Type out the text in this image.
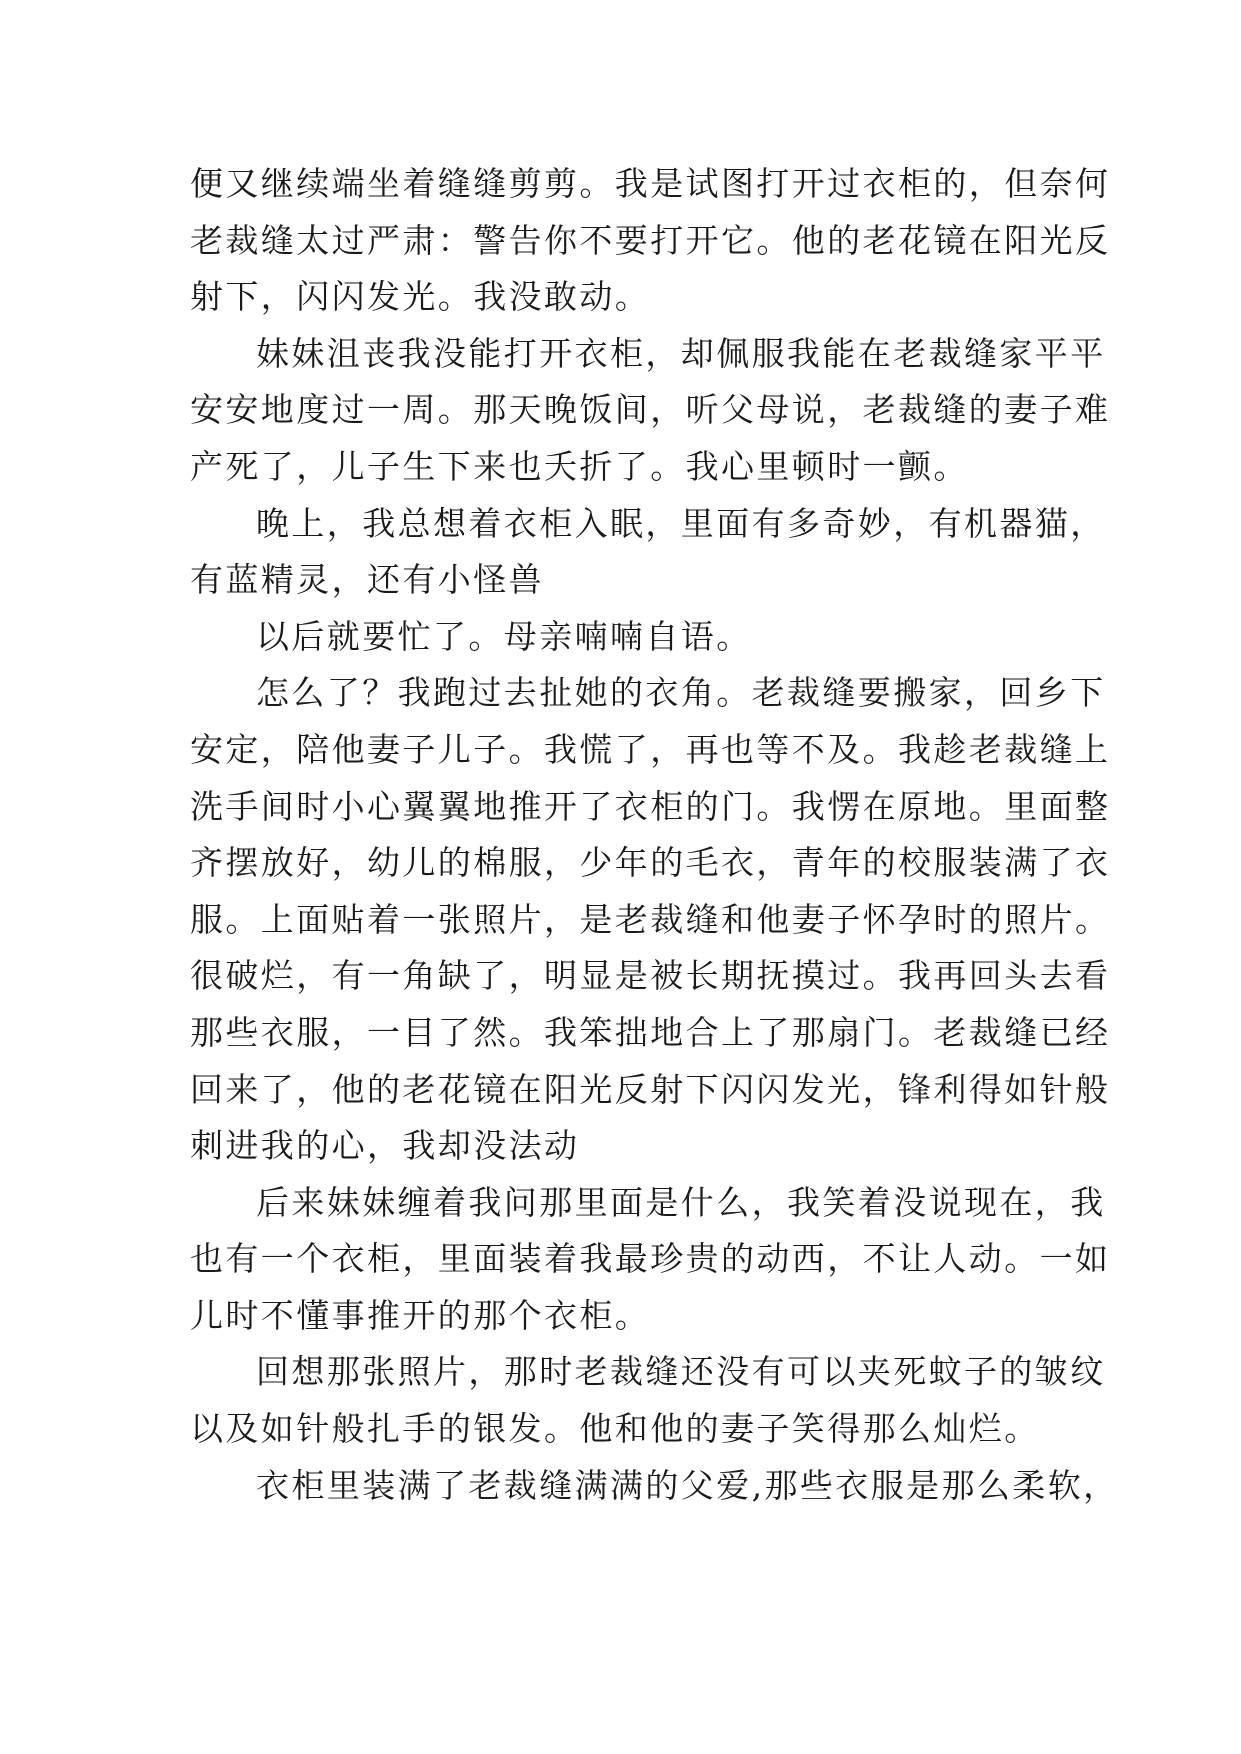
便又继续端坐着缝缝剪剪。我是试图打开过衣柜的，但奈何
老裁缝太过严肃：警告你不要打开它。他的老花镜在阳光反
射下，闪闪发光。我没敢动。
妹妹沮丧我没能打开衣柜，却佩服我能在老裁缝家平平
安安地度过一周。那天晚饭间，听父母说，老裁缝的妻子难
产死了，儿子生下来也夭折了。我心里顿时一颤。
晚上，我总想着衣柜入眠，里面有多奇妙，有机器猫，
有蓝精灵，还有小怪兽
以后就要忙了。母亲喃喃自语。
怎么了？我跑过去扯她的衣角。老裁缝要搬家，回乡下
安定，陪他妻子儿子。我慌了，再也等不及。我趁老裁缝上
洗手间时小心翼翼地推开了衣柜的门。我愣在原地。里面整
齐摆放好，幼儿的棉服，少年的毛衣，青年的校服装满了衣
服。上面贴着一张照片，是老裁缝和他妻子怀孕时的照片。
很破烂，有一角缺了，明显是被长期抚摸过。我再回头去看
那些衣服，一目了然。我笨拙地合上了那扇门。老裁缝已经
回来了，他的老花镜在阳光反射下闪闪发光，锋利得如针般
刺进我的心，我却没法动
后来妹妹缠着我问那里面是什么，我笑着没说现在，我
也有一个衣柜，里面装着我最珍贵的动西，不让人动。一如
儿时不懂事推开的那个衣柜。
回想那张照片，那时老裁缝还没有可以夹死蚊子的皱纹
以及如针般扎手的银发。他和他的妻子笑得那么灿烂。
衣柜里装满了老裁缝满满的父爱,那些衣服是那么柔软，
